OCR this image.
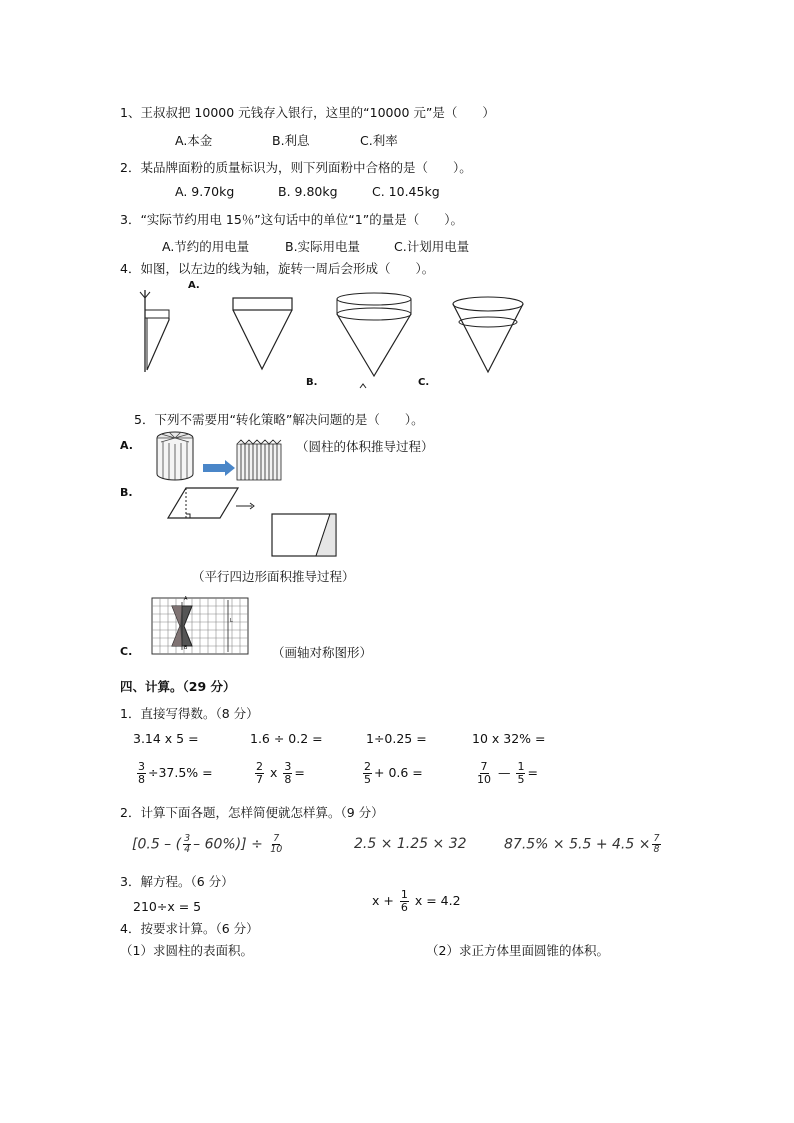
1、王叔叔把 10000 元钱存入银行，这里的“10000 元”是（　　）
A.本金	B.利息	C.利率
2．某品牌面粉的质量标识为，则下列面粉中合格的是（　　）。
A. 9.70kg	B. 9.80kg	C. 10.45kg
3．“实际节约用电 15％”这句话中的单位“1”的量是（　　）。
A.节约的用电量	B.实际用电量	C.计划用电量
4．如图，以左边的线为轴，旋转一周后会形成（　　）。
A.
B.	C.
5．下列不需要用“转化策略”解决问题的是（　　）。
A.	（圆柱的体积推导过程）
B.
（平行四边形面积推导过程）
A
B
L
C.	（画轴对称图形）
四、计算。（29 分）
1．直接写得数。（8 分）
3.14 x 5 =	1.6 ÷ 0.2 =	1÷0.25 =	10 x 32% =
$\frac{3}{8} \div 37.5\%$ =	$\frac{2}{7}$ x $\frac{3}{8}$ =	$\frac{2}{5} + 0.6$ =	$\frac{7}{10}$ — $\frac{1}{5}$ =
2．计算下面各题，怎样简便就怎样算。（9 分）
[0.5 – ( $\frac{3}{4} - 60\%)] \div \frac{7}{10}$	2.5 × 1.25 × 32	$87.5\% \times 5.5 + 4.5 \times \frac{7}{8}$
3．解方程。（6 分）
210÷x = 5	$x + \frac{1}{6}$ x = 4.2
4．按要求计算。（6 分）
（1）求圆柱的表面积。	（2）求正方体里面圆锥的体积。
